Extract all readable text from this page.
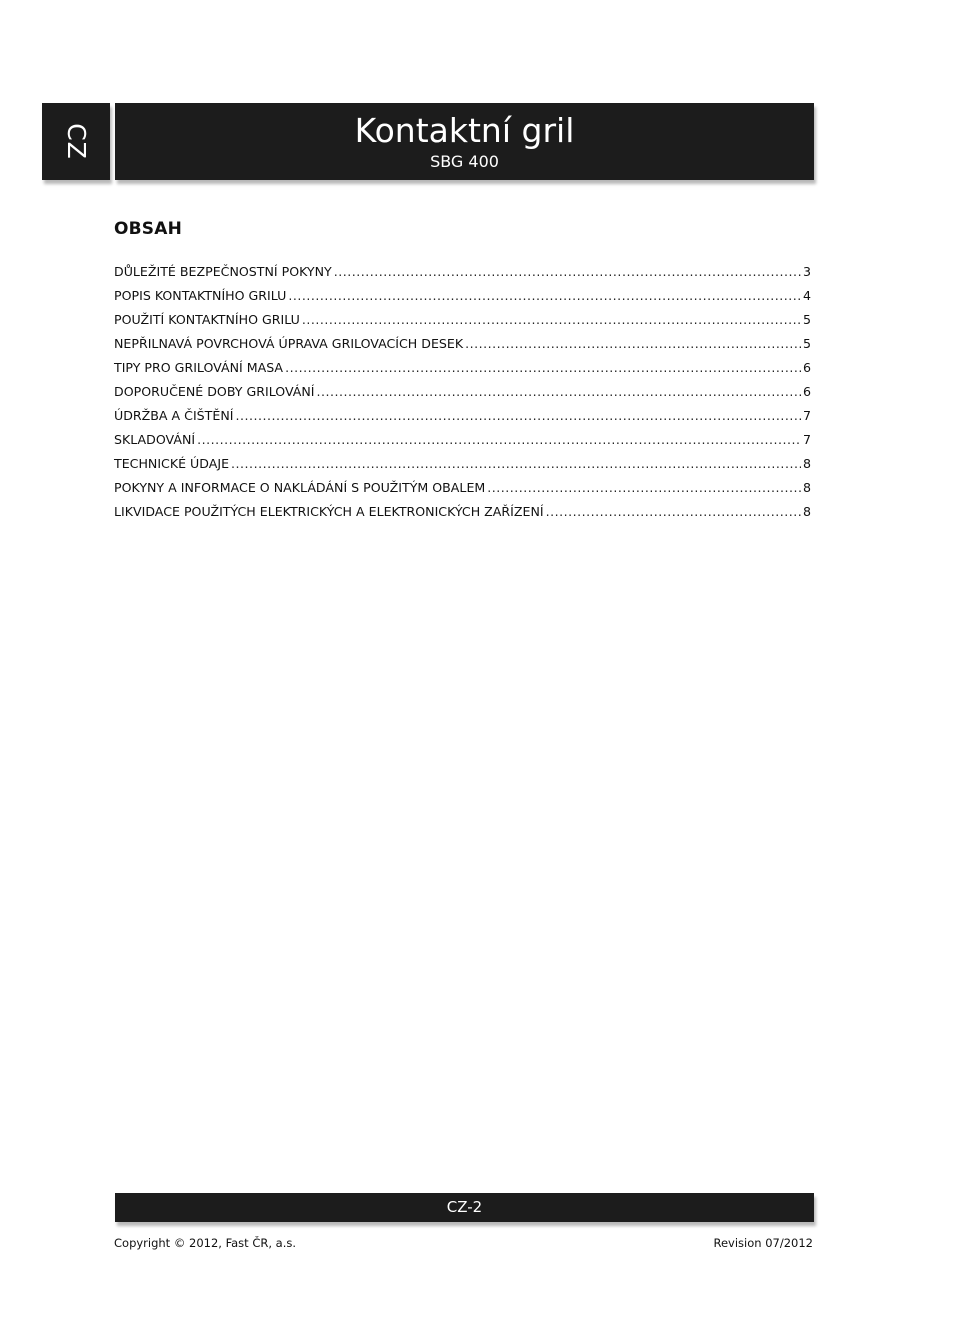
CZ	Kontaktní gril
SBG 400
OBSAH
DŮLEŽITÉ BEZPEČNOSTNÍ POKYNY .....	3
POPIS KONTAKTNÍHO GRILU .....	4
POUŽITÍ KONTAKTNÍHO GRILU .....	5
NEPŘILNAVÁ POVRCHOVÁ ÚPRAVA GRILOVACÍCH DESEK .....	5
TIPY PRO GRILOVÁNÍ MASA .....	6
DOPORUČENÉ DOBY GRILOVÁNÍ .....	6
ÚDRŽBA A ČIŠTĚNÍ .....	7
SKLADOVÁNÍ .....	7
TECHNICKÉ ÚDAJE .....	8
POKYNY A INFORMACE O NAKLÁDÁNÍ S POUŽITÝM OBALEM .....	8
LIKVIDACE POUŽITÝCH ELEKTRICKÝCH A ELEKTRONICKÝCH ZAŘÍZENÍ .....	8
CZ-2
Copyright © 2012, Fast ČR, a.s.	Revision 07/2012
